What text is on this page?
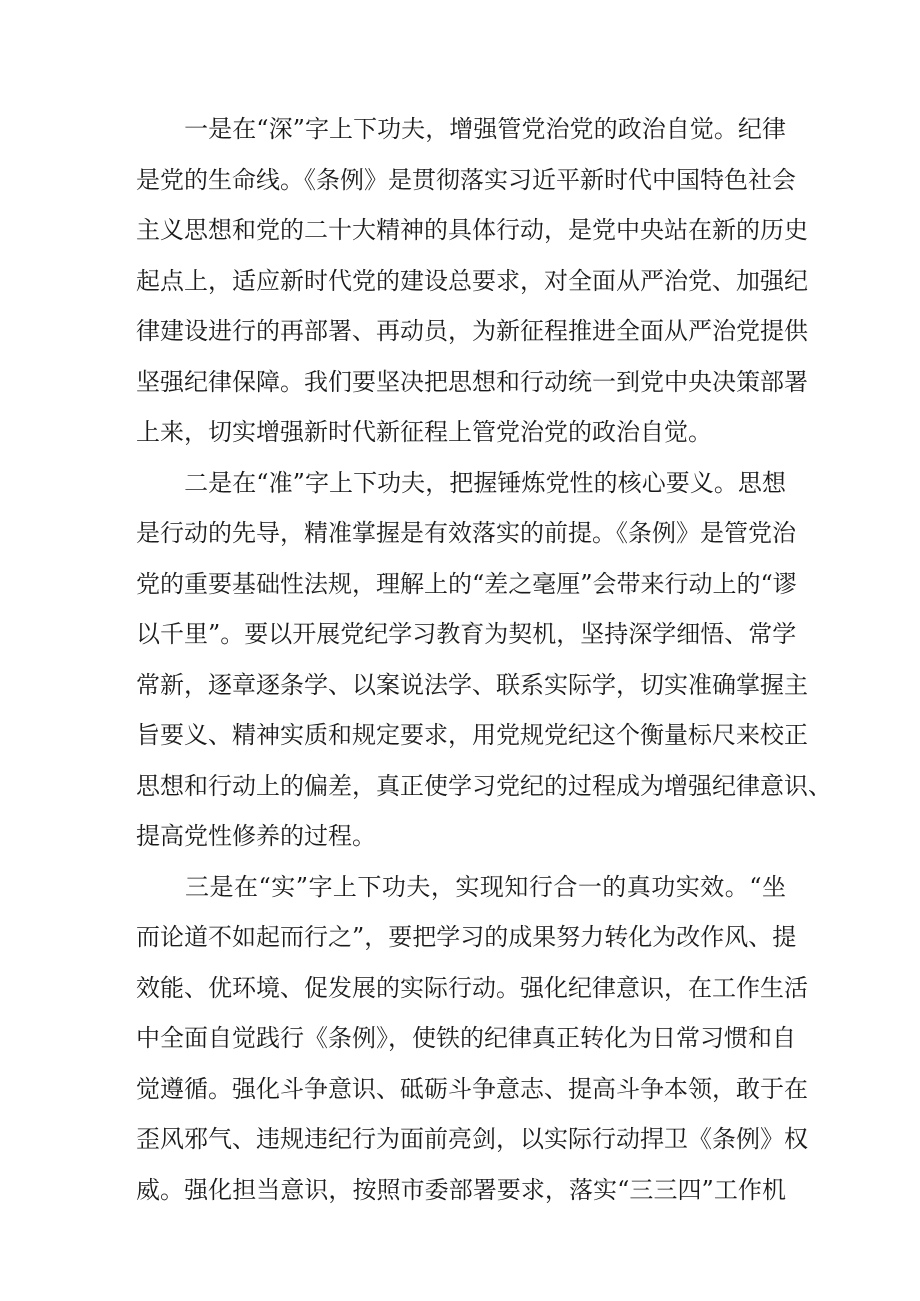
　　一是在“深”字上下功夫，增强管党治党的政治自觉。纪律
是党的生命线。《条例》是贯彻落实习近平新时代中国特色社会
主义思想和党的二十大精神的具体行动，是党中央站在新的历史
起点上，适应新时代党的建设总要求，对全面从严治党、加强纪
律建设进行的再部署、再动员，为新征程推进全面从严治党提供
坚强纪律保障。我们要坚决把思想和行动统一到党中央决策部署
上来，切实增强新时代新征程上管党治党的政治自觉。
　　二是在“准”字上下功夫，把握锤炼党性的核心要义。思想
是行动的先导，精准掌握是有效落实的前提。《条例》是管党治
党的重要基础性法规，理解上的“差之毫厘”会带来行动上的“谬
以千里”。要以开展党纪学习教育为契机，坚持深学细悟、常学
常新，逐章逐条学、以案说法学、联系实际学，切实准确掌握主
旨要义、精神实质和规定要求，用党规党纪这个衡量标尺来校正
思想和行动上的偏差，真正使学习党纪的过程成为增强纪律意识、
提高党性修养的过程。
　　三是在“实”字上下功夫，实现知行合一的真功实效。“坐
而论道不如起而行之”，要把学习的成果努力转化为改作风、提
效能、优环境、促发展的实际行动。强化纪律意识，在工作生活
中全面自觉践行《条例》，使铁的纪律真正转化为日常习惯和自
觉遵循。强化斗争意识、砥砺斗争意志、提高斗争本领，敢于在
歪风邪气、违规违纪行为面前亮剑，以实际行动捍卫《条例》权
威。强化担当意识，按照市委部署要求，落实“三三四”工作机
